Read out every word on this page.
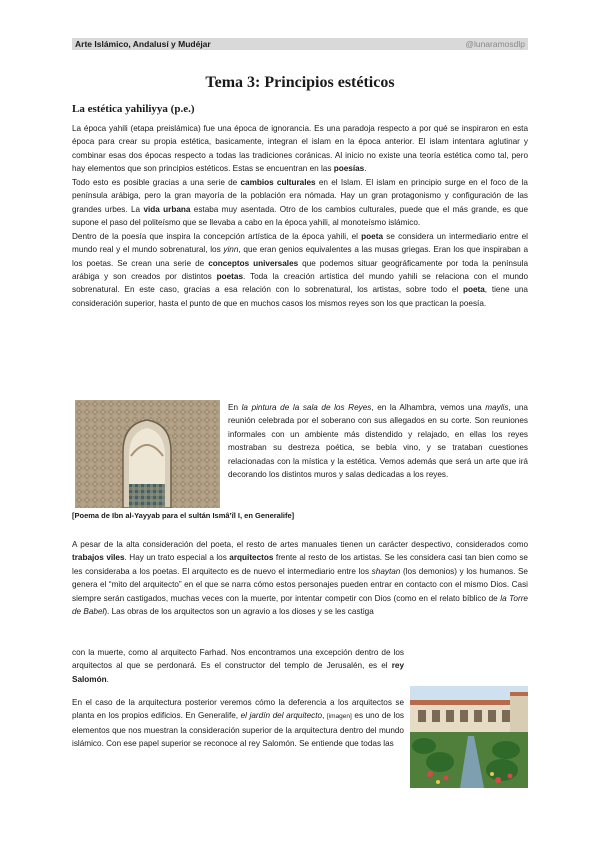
Arte Islámico, Andalusí y Mudéjar	@lunaramosdlp
Tema 3: Principios estéticos
La estética yahiliyya (p.e.)

La época yahili (etapa preislámica) fue una época de ignorancia. Es una paradoja respecto a por qué se inspiraron en esta época para crear su propia estética, basicamente, integran el islam en la época anterior. El islam intentara aglutinar y combinar esas dos épocas respecto a todas las tradiciones coránicas. Al inicio no existe una teoría estética como tal, pero hay elementos que son principios estéticos. Estas se encuentran en las poesías.

Todo esto es posible gracias a una serie de cambios culturales en el Islam. El islam en principio surge en el foco de la península arábiga, pero la gran mayoría de la población era nómada. Hay un gran protagonismo y configuración de las grandes urbes. La vida urbana estaba muy asentada. Otro de los cambios culturales, puede que el más grande, es que supone el paso del politeísmo que se llevaba a cabo en la época yahili, al monoteísmo islámico.

Dentro de la poesía que inspira la concepción artística de la época yahili, el poeta se considera un intermediario entre el mundo real y el mundo sobrenatural, los yinn, que eran genios equivalentes a las musas griegas. Eran los que inspiraban a los poetas. Se crean una serie de conceptos universales que podemos situar geográficamente por toda la península arábiga y son creados por distintos poetas. Toda la creación artística del mundo yahili se relaciona con el mundo sobrenatural. En este caso, gracias a esa relación con lo sobrenatural, los artistas, sobre todo el poeta, tiene una consideración superior, hasta el punto de que en muchos casos los mismos reyes son los que practican la poesía.

En la pintura de la sala de los Reyes, en la Alhambra, vemos una maylis, una reunión celebrada por el soberano con sus allegados en su corte. Son reuniones informales con un ambiente más distendido y relajado, en ellas los reyes mostraban su destreza poética, se bebía vino, y se trataban cuestiones relacionadas con la mística y la estética. Vemos además que será un arte que irá decorando los distintos muros y salas dedicadas a los reyes.
[Poema de Ibn al-Yayyab para el sultán Ismâ’îl I, en Generalife]
A pesar de la alta consideración del poeta, el resto de artes manuales tienen un carácter despectivo, considerados como trabajos viles. Hay un trato especial a los arquitectos frente al resto de los artistas. Se les considera casi tan bien como se les consideraba a los poetas. El arquitecto es de nuevo el intermediario entre los shaytan (los demonios) y los humanos. Se genera el “mito del arquitecto” en el que se narra cómo estos personajes pueden entrar en contacto con el mismo Dios. Casi siempre serán castigados, muchas veces con la muerte, por intentar competir con Dios (como en el relato bíblico de la Torre de Babel). Las obras de los arquitectos son un agravio a los dioses y se les castiga
con la muerte, como al arquitecto Farhad. Nos encontramos una excepción dentro de los arquitectos al que se perdonará. Es el constructor del templo de Jerusalén, es el rey Salomón.
En el caso de la arquitectura posterior veremos cómo la deferencia a los arquitectos se planta en los propios edificios. En Generalife, el jardín del arquitecto, [imagen] es uno de los elementos que nos muestran la consideración superior de la arquitectura dentro del mundo islámico. Con ese papel superior se reconoce al rey Salomón. Se entiende que todas las
